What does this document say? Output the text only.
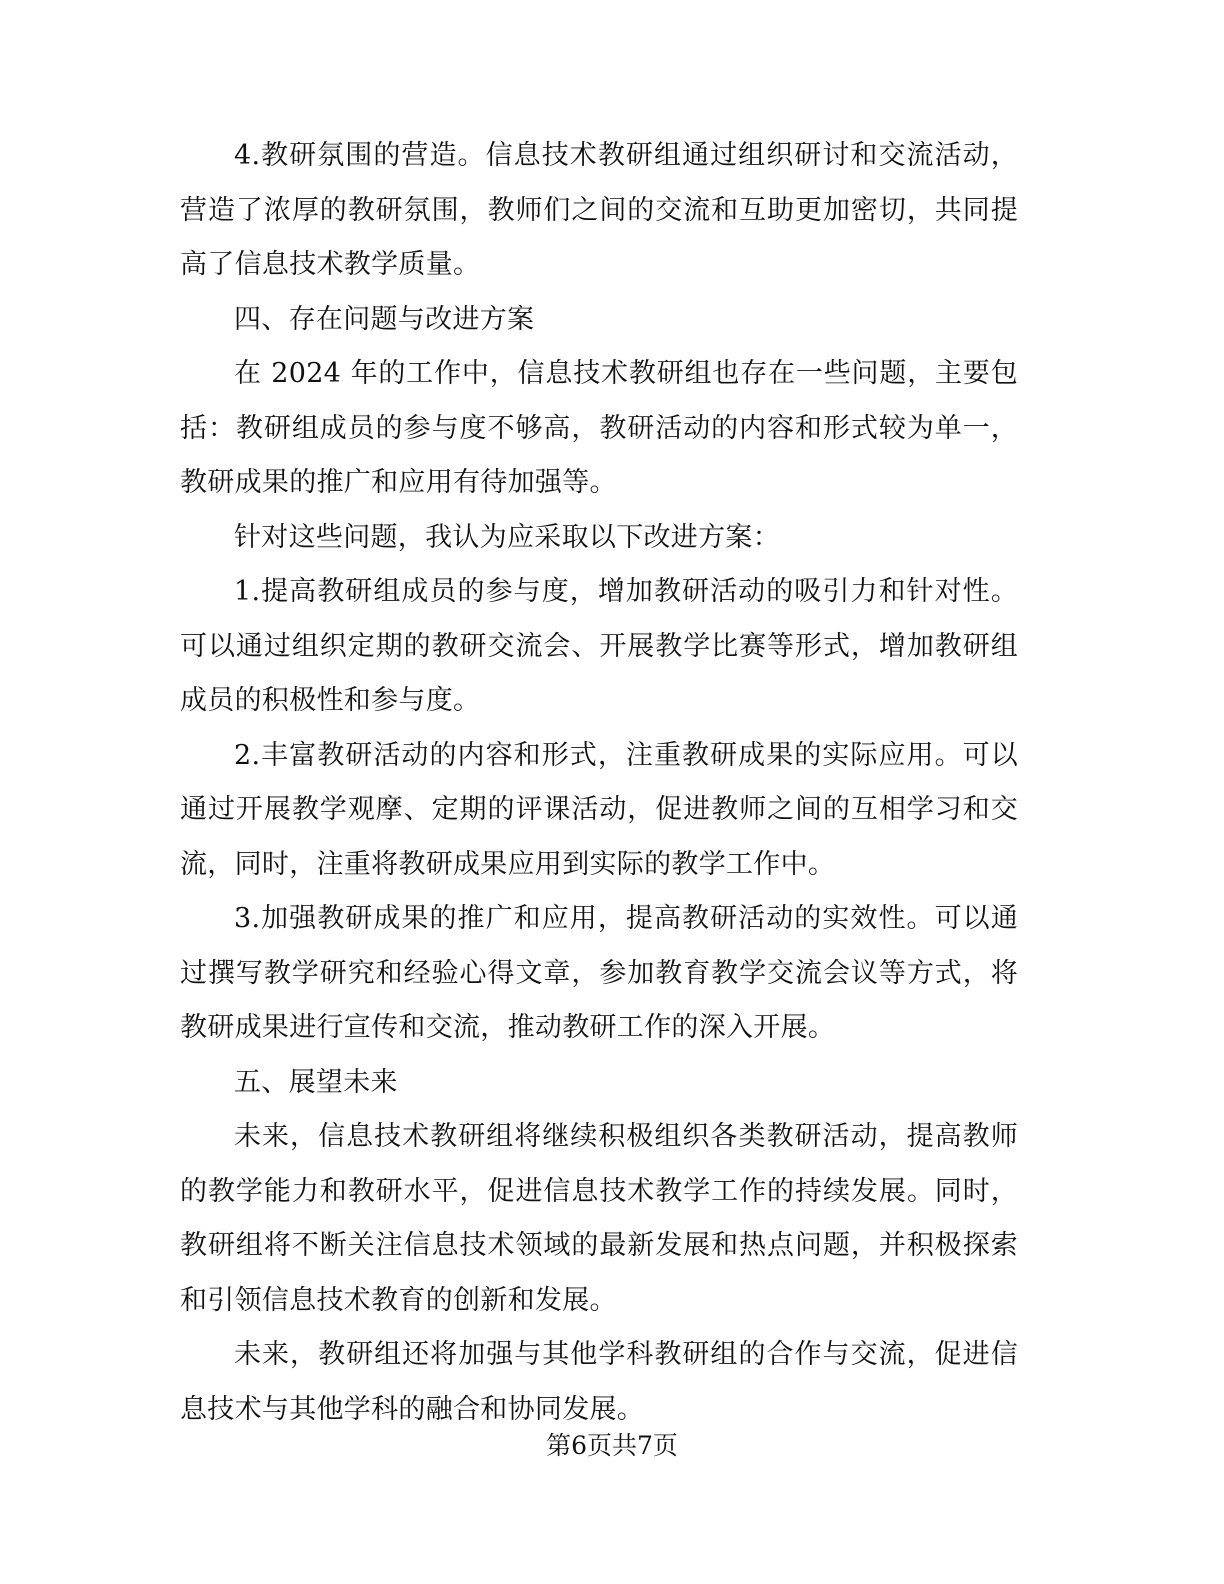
4.教研氛围的营造。信息技术教研组通过组织研讨和交流活动，营造了浓厚的教研氛围，教师们之间的交流和互助更加密切，共同提高了信息技术教学质量。

四、存在问题与改进方案

在 2024 年的工作中，信息技术教研组也存在一些问题，主要包括：教研组成员的参与度不够高，教研活动的内容和形式较为单一，教研成果的推广和应用有待加强等。

针对这些问题，我认为应采取以下改进方案：

1.提高教研组成员的参与度，增加教研活动的吸引力和针对性。可以通过组织定期的教研交流会、开展教学比赛等形式，增加教研组成员的积极性和参与度。

2.丰富教研活动的内容和形式，注重教研成果的实际应用。可以通过开展教学观摩、定期的评课活动，促进教师之间的互相学习和交流，同时，注重将教研成果应用到实际的教学工作中。

3.加强教研成果的推广和应用，提高教研活动的实效性。可以通过撰写教学研究和经验心得文章，参加教育教学交流会议等方式，将教研成果进行宣传和交流，推动教研工作的深入开展。

五、展望未来

未来，信息技术教研组将继续积极组织各类教研活动，提高教师的教学能力和教研水平，促进信息技术教学工作的持续发展。同时，教研组将不断关注信息技术领域的最新发展和热点问题，并积极探索和引领信息技术教育的创新和发展。

未来，教研组还将加强与其他学科教研组的合作与交流，促进信息技术与其他学科的融合和协同发展。

第6页共7页
